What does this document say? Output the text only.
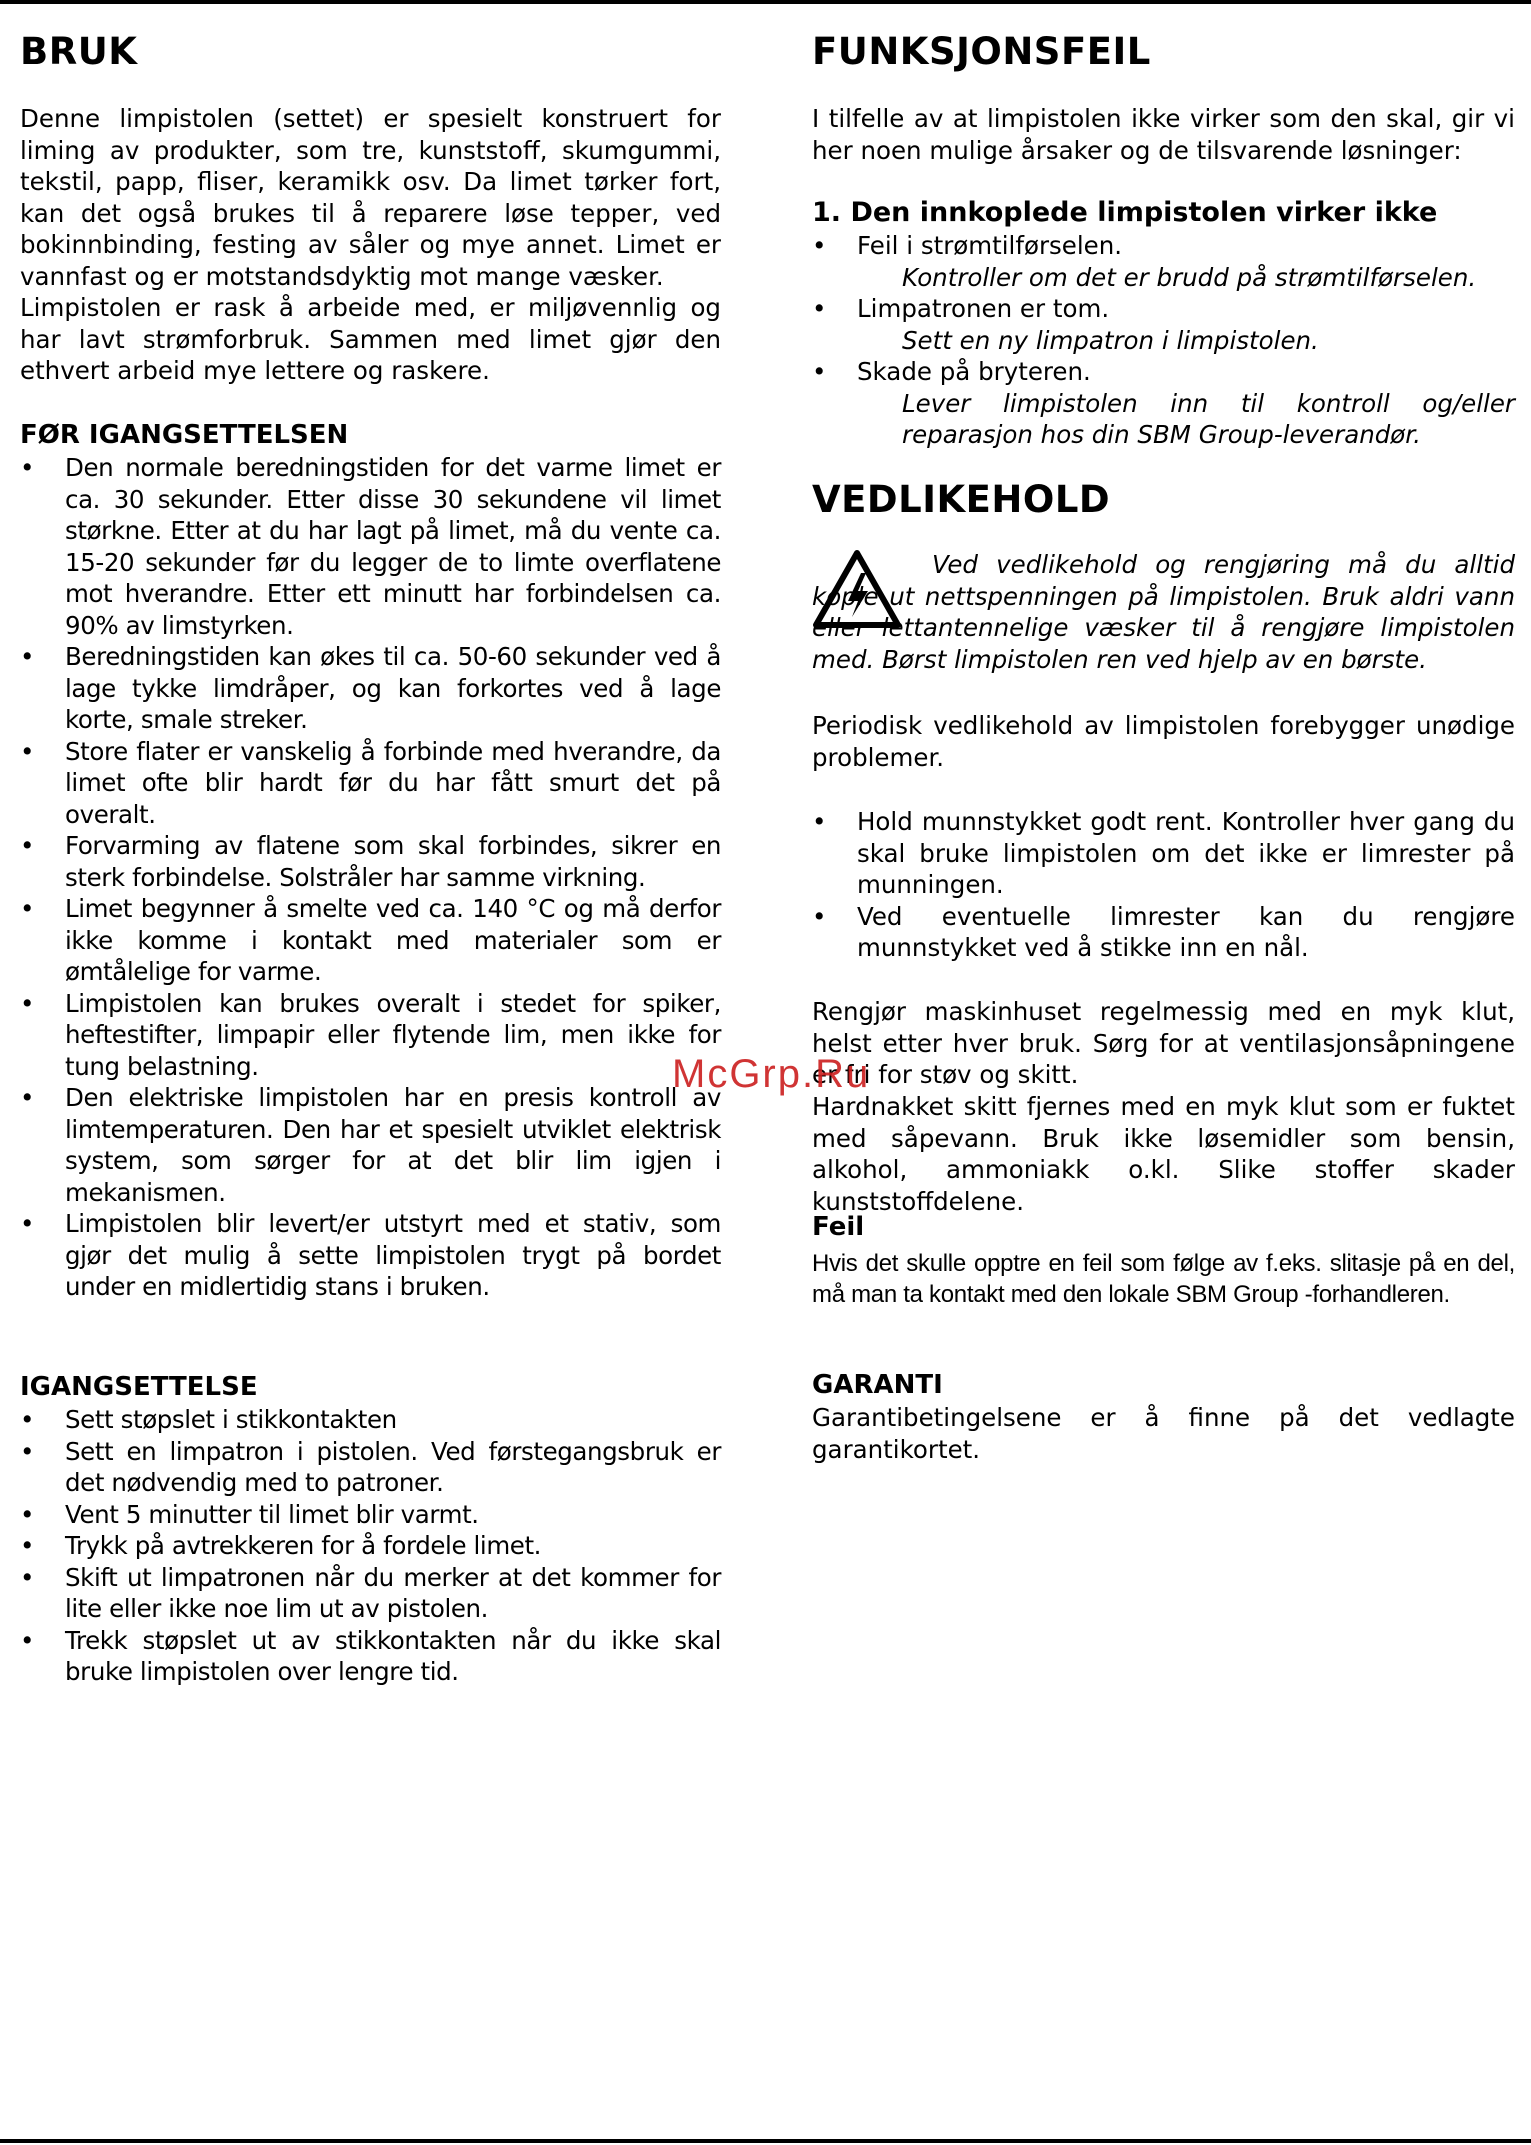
BRUK

Denne limpistolen (settet) er spesielt konstruert for liming av produkter, som tre, kunststoff, skumgummi, tekstil, papp, fliser, keramikk osv. Da limet tørker fort, kan det også brukes til å reparere løse tepper, ved bokinnbinding, festing av såler og mye annet. Limet er vannfast og er motstandsdyktig mot mange væsker.

Limpistolen er rask å arbeide med, er miljøvennlig og har lavt strømforbruk. Sammen med limet gjør den ethvert arbeid mye lettere og raskere.

FØR IGANGSETTELSEN
• Den normale beredningstiden for det varme limet er ca. 30 sekunder. Etter disse 30 sekundene vil limet størkne. Etter at du har lagt på limet, må du vente ca. 15-20 sekunder før du legger de to limte overflatene mot hverandre. Etter ett minutt har forbindelsen ca. 90% av limstyrken.
• Beredningstiden kan økes til ca. 50-60 sekunder ved å lage tykke limdråper, og kan forkortes ved å lage korte, smale streker.
• Store flater er vanskelig å forbinde med hverandre, da limet ofte blir hardt før du har fått smurt det på overalt.
• Forvarming av flatene som skal forbindes, sikrer en sterk forbindelse. Solstråler har samme virkning.
• Limet begynner å smelte ved ca. 140 °C og må derfor ikke komme i kontakt med materialer som er ømtålelige for varme.
• Limpistolen kan brukes overalt i stedet for spiker, heftestifter, limpapir eller flytende lim, men ikke for tung belastning.
• Den elektriske limpistolen har en presis kontroll av limtemperaturen. Den har et spesielt utviklet elektrisk system, som sørger for at det blir lim igjen i mekanismen.
• Limpistolen blir levert/er utstyrt med et stativ, som gjør det mulig å sette limpistolen trygt på bordet under en midlertidig stans i bruken.
IGANGSETTELSE
• Sett støpslet i stikkontakten
• Sett en limpatron i pistolen. Ved førstegangsbruk er det nødvendig med to patroner.
• Vent 5 minutter til limet blir varmt.
• Trykk på avtrekkeren for å fordele limet.
• Skift ut limpatronen når du merker at det kommer for lite eller ikke noe lim ut av pistolen.
• Trekk støpslet ut av stikkontakten når du ikke skal bruke limpistolen over lengre tid.
FUNKSJONSFEIL

I tilfelle av at limpistolen ikke virker som den skal, gir vi her noen mulige årsaker og de tilsvarende løsninger:

1. Den innkoplede limpistolen virker ikke
• Feil i strømtilførselen.
Kontroller om det er brudd på strømtilførselen.
• Limpatronen er tom.
Sett en ny limpatron i limpistolen.
• Skade på bryteren.
Lever limpistolen inn til kontroll og/eller reparasjon hos din SBM Group-leverandør.
VEDLIKEHOLD

Ved vedlikehold og rengjøring må du alltid kople ut nettspenningen på limpistolen. Bruk aldri vann eller lettantennelige væsker til å rengjøre limpistolen med. Børst limpistolen ren ved hjelp av en børste.

Periodisk vedlikehold av limpistolen forebygger unødige problemer.

• Hold munnstykket godt rent. Kontroller hver gang du skal bruke limpistolen om det ikke er limrester på munningen.
• Ved eventuelle limrester kan du rengjøre munnstykket ved å stikke inn en nål.

Rengjør maskinhuset regelmessig med en myk klut, helst etter hver bruk. Sørg for at ventilasjonsåpningene er fri for støv og skitt.

Hardnakket skitt fjernes med en myk klut som er fuktet med såpevann. Bruk ikke løsemidler som bensin, alkohol, ammoniakk o.kl. Slike stoffer skader kunststoffdelene.

Feil

Hvis det skulle opptre en feil som følge av f.eks. slitasje på en del, må man ta kontakt med den lokale SBM Group -forhandleren.

GARANTI

Garantibetingelsene er å finne på det vedlagte garantikortet.

McGrp.Ru
